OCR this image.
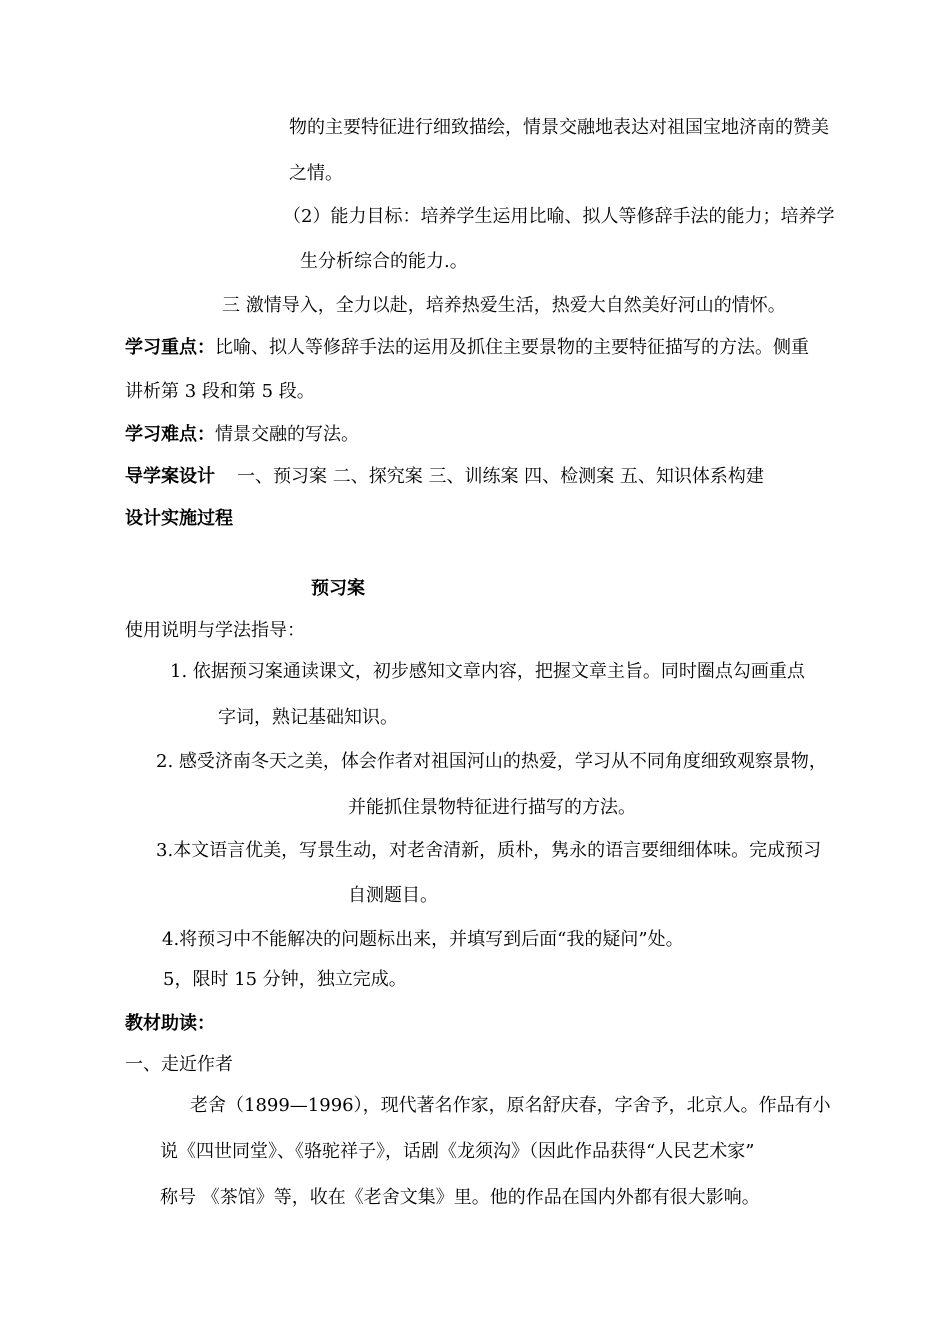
物的主要特征进行细致描绘，情景交融地表达对祖国宝地济南的赞美
之情。
（2）能力目标：培养学生运用比喻、拟人等修辞手法的能力；培养学
生分析综合的能力.。
三 激情导入，全力以赴，培养热爱生活，热爱大自然美好河山的情怀。
学习重点：比喻、拟人等修辞手法的运用及抓住主要景物的主要特征描写的方法。侧重
讲析第 3 段和第 5 段。
学习难点：情景交融的写法。
导学案设计 一、预习案 二、探究案 三、训练案 四、检测案 五、知识体系构建
设计实施过程
预习案
使用说明与学法指导：
1. 依据预习案通读课文，初步感知文章内容，把握文章主旨。同时圈点勾画重点
字词，熟记基础知识。
2. 感受济南冬天之美，体会作者对祖国河山的热爱，学习从不同角度细致观察景物，
并能抓住景物特征进行描写的方法。
3.本文语言优美，写景生动，对老舍清新，质朴，隽永的语言要细细体味。完成预习
自测题目。
4.将预习中不能解决的问题标出来，并填写到后面“我的疑问”处。
5，限时 15 分钟，独立完成。
教材助读：
一、走近作者
老舍（1899—1996），现代著名作家，原名舒庆春，字舍予，北京人。作品有小
说《四世同堂》、《骆驼祥子》，话剧《龙须沟》（因此作品获得“人民艺术家”
称号 《茶馆》等，收在《老舍文集》里。他的作品在国内外都有很大影响。
